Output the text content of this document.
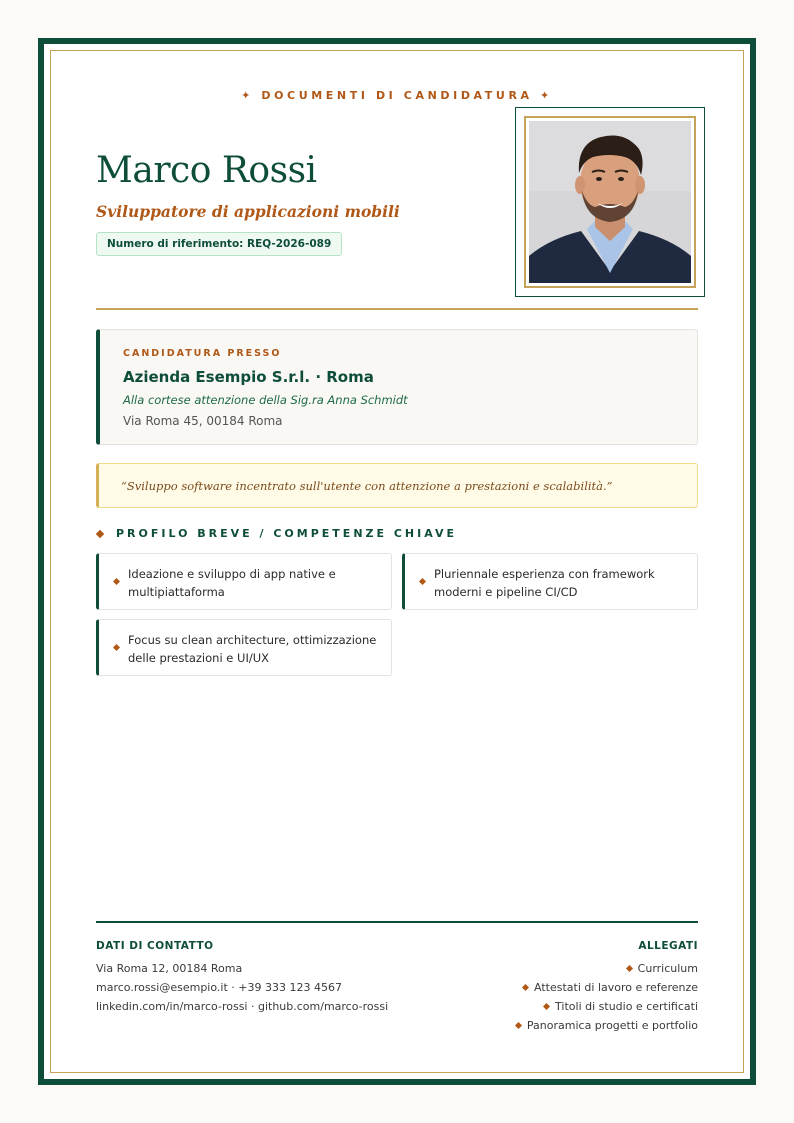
✦ DOCUMENTI DI CANDIDATURA ✦
Marco Rossi
Sviluppatore di applicazioni mobili
Numero di riferimento: REQ-2026-089
CANDIDATURA PRESSO
Azienda Esempio S.r.l. · Roma
Alla cortese attenzione della Sig.ra Anna Schmidt
Via Roma 45, 00184 Roma
“Sviluppo software incentrato sull'utente con attenzione a prestazioni e scalabilità.”
PROFILO BREVE / COMPETENZE CHIAVE
Ideazione e sviluppo di app native e multipiattaforma
Pluriennale esperienza con framework moderni e pipeline CI/CD
Focus su clean architecture, ottimizzazione delle prestazioni e UI/UX
DATI DI CONTATTO
Via Roma 12, 00184 Roma
marco.rossi@esempio.it · +39 333 123 4567
linkedin.com/in/marco-rossi · github.com/marco-rossi
ALLEGATI
Curriculum
Attestati di lavoro e referenze
Titoli di studio e certificati
Panoramica progetti e portfolio
